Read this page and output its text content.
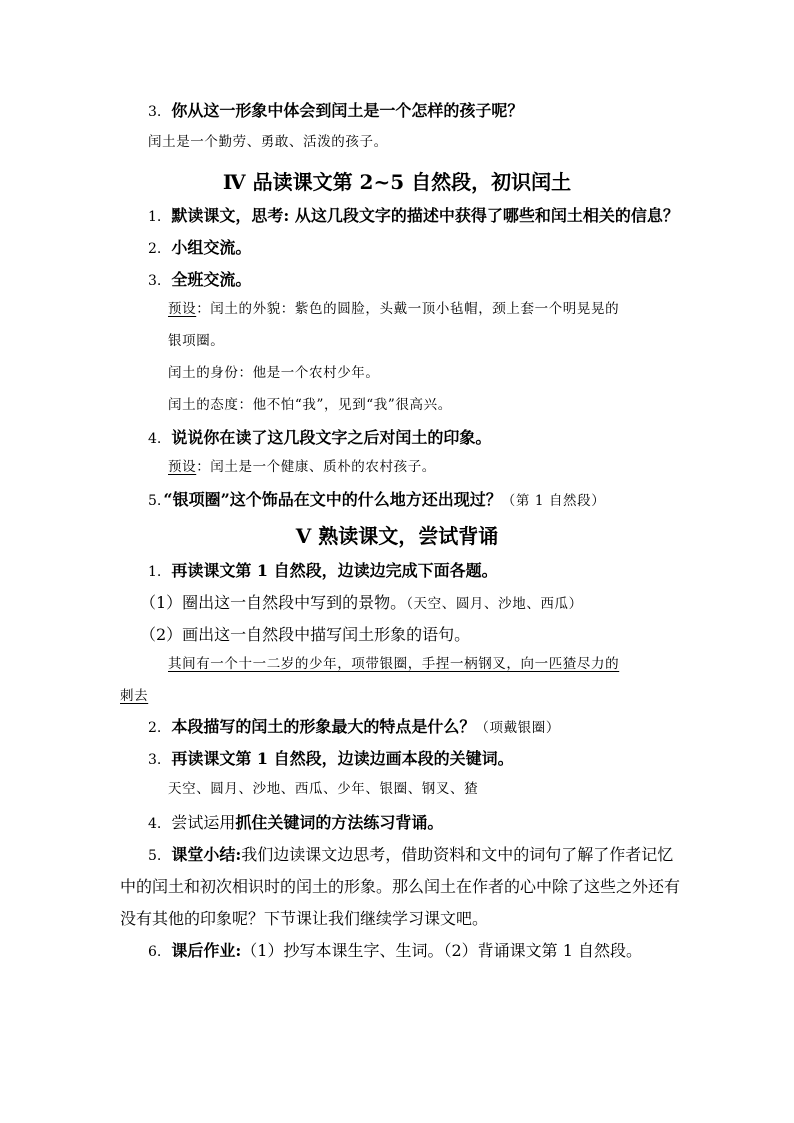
3. 你从这一形象中体会到闰土是一个怎样的孩子呢？
闰土是一个勤劳、勇敢、活泼的孩子。
Ⅳ 品读课文第 2~5 自然段，初识闰土
1. 默读课文，思考: 从这几段文字的描述中获得了哪些和闰土相关的信息？
2. 小组交流。
3. 全班交流。
预设：闰土的外貌：紫色的圆脸，头戴一顶小毡帽，颈上套一个明晃晃的
银项圈。
闰土的身份：他是一个农村少年。
闰土的态度：他不怕“我”，见到“我”很高兴。
4. 说说你在读了这几段文字之后对闰土的印象。
预设：闰土是一个健康、质朴的农村孩子。
5. “银项圈”这个饰品在文中的什么地方还出现过？（第 1 自然段）
Ⅴ 熟读课文，尝试背诵
1. 再读课文第 1 自然段，边读边完成下面各题。
（1）圈出这一自然段中写到的景物。（天空、圆月、沙地、西瓜）
（2）画出这一自然段中描写闰土形象的语句。
其间有一个十一二岁的少年，项带银圈，手捏一柄钢叉，向一匹猹尽力的
刺去
2. 本段描写的闰土的形象最大的特点是什么？（项戴银圈）
3. 再读课文第 1 自然段，边读边画本段的关键词。
天空、圆月、沙地、西瓜、少年、银圈、钢叉、猹
4. 尝试运用抓住关键词的方法练习背诵。
5. 课堂小结:我们边读课文边思考，借助资料和文中的词句了解了作者记忆
中的闰土和初次相识时的闰土的形象。那么闰土在作者的心中除了这些之外还有
没有其他的印象呢？下节课让我们继续学习课文吧。
6. 课后作业:（1）抄写本课生字、生词。（2）背诵课文第 1 自然段。
